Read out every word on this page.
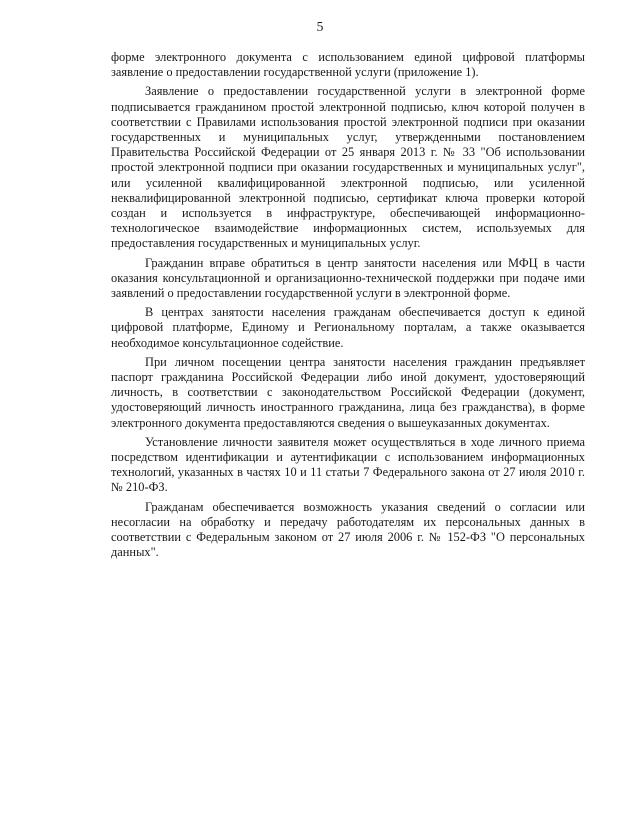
5

форме электронного документа с использованием единой цифровой платформы заявление о предоставлении государственной услуги (приложение 1).

Заявление о предоставлении государственной услуги в электронной форме подписывается гражданином простой электронной подписью, ключ которой получен в соответствии с Правилами использования простой электронной подписи при оказании государственных и муниципальных услуг, утвержденными постановлением Правительства Российской Федерации от 25 января 2013 г. № 33 "Об использовании простой электронной подписи при оказании государственных и муниципальных услуг", или усиленной квалифицированной электронной подписью, или усиленной неквалифицированной электронной подписью, сертификат ключа проверки которой создан и используется в инфраструктуре, обеспечивающей информационно-технологическое взаимодействие информационных систем, используемых для предоставления государственных и муниципальных услуг.

Гражданин вправе обратиться в центр занятости населения или МФЦ в части оказания консультационной и организационно-технической поддержки при подаче ими заявлений о предоставлении государственной услуги в электронной форме.

В центрах занятости населения гражданам обеспечивается доступ к единой цифровой платформе, Единому и Региональному порталам, а также оказывается необходимое консультационное содействие.

При личном посещении центра занятости населения гражданин предъявляет паспорт гражданина Российской Федерации либо иной документ, удостоверяющий личность, в соответствии с законодательством Российской Федерации (документ, удостоверяющий личность иностранного гражданина, лица без гражданства), в форме электронного документа предоставляются сведения о вышеуказанных документах.

Установление личности заявителя может осуществляться в ходе личного приема посредством идентификации и аутентификации с использованием информационных технологий, указанных в частях 10 и 11 статьи 7 Федерального закона от 27 июля 2010 г. № 210-ФЗ.

Гражданам обеспечивается возможность указания сведений о согласии или несогласии на обработку и передачу работодателям их персональных данных в соответствии с Федеральным законом от 27 июля 2006 г. № 152-ФЗ "О персональных данных".
